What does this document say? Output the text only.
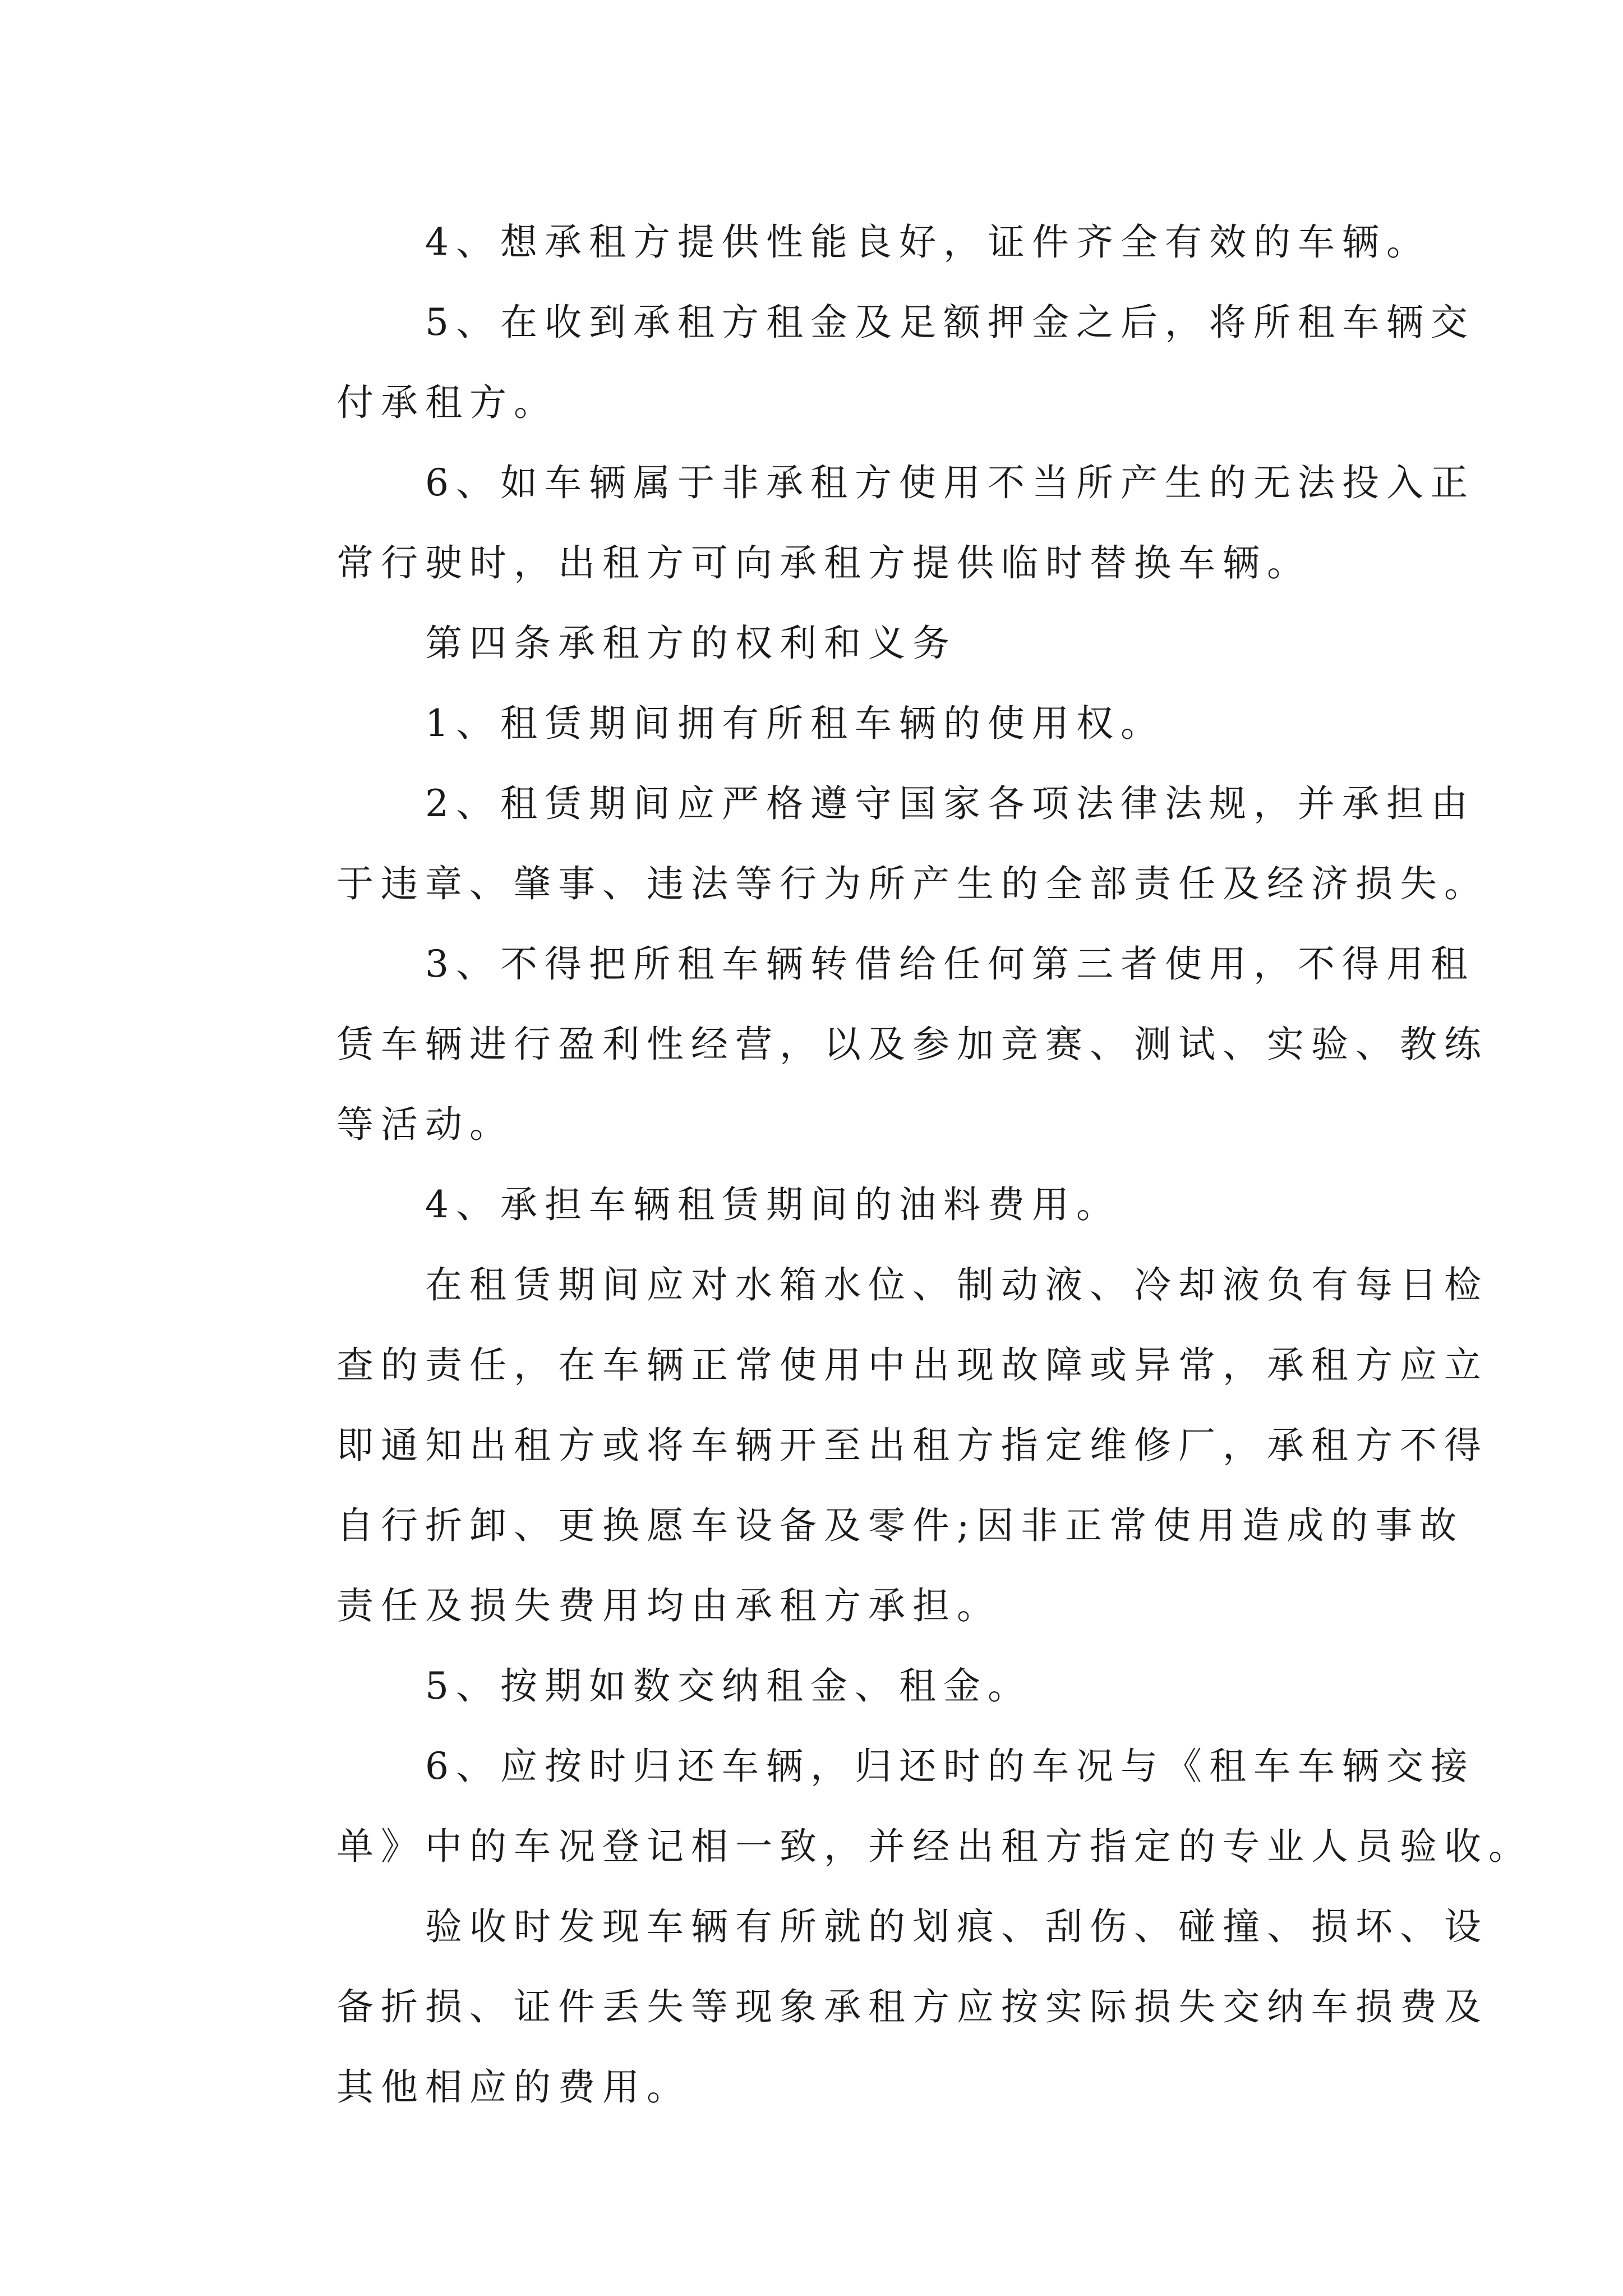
4、想承租方提供性能良好，证件齐全有效的车辆。
5、在收到承租方租金及足额押金之后，将所租车辆交
付承租方。
6、如车辆属于非承租方使用不当所产生的无法投入正
常行驶时，出租方可向承租方提供临时替换车辆。
第四条承租方的权利和义务
1、租赁期间拥有所租车辆的使用权。
2、租赁期间应严格遵守国家各项法律法规，并承担由
于违章、肇事、违法等行为所产生的全部责任及经济损失。
3、不得把所租车辆转借给任何第三者使用，不得用租
赁车辆进行盈利性经营，以及参加竞赛、测试、实验、教练
等活动。
4、承担车辆租赁期间的油料费用。
在租赁期间应对水箱水位、制动液、冷却液负有每日检
查的责任，在车辆正常使用中出现故障或异常，承租方应立
即通知出租方或将车辆开至出租方指定维修厂，承租方不得
自行折卸、更换愿车设备及零件;因非正常使用造成的事故
责任及损失费用均由承租方承担。
5、按期如数交纳租金、租金。
6、应按时归还车辆，归还时的车况与《租车车辆交接
单》中的车况登记相一致，并经出租方指定的专业人员验收。
验收时发现车辆有所就的划痕、刮伤、碰撞、损坏、设
备折损、证件丢失等现象承租方应按实际损失交纳车损费及
其他相应的费用。
